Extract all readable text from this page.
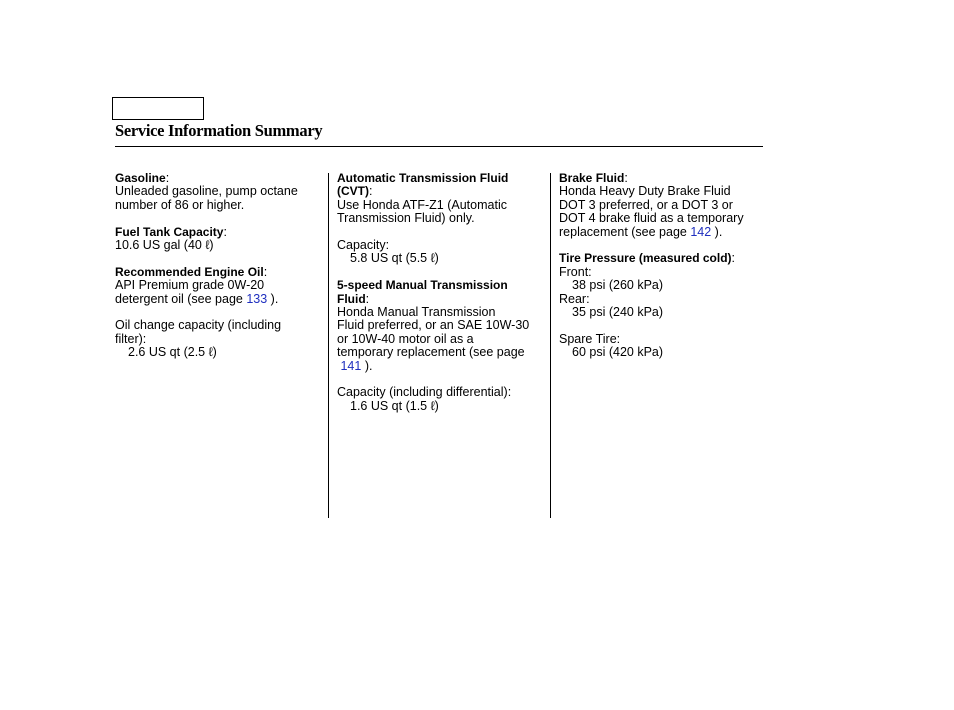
Service Information Summary
Gasoline:
Unleaded gasoline, pump octane
number of 86 or higher.
Fuel Tank Capacity:
10.6 US gal (40 ℓ)
Recommended Engine Oil:
API Premium grade 0W-20
detergent oil (see page 133 ).
Oil change capacity (including
filter):
2.6 US qt (2.5 ℓ)
Automatic Transmission Fluid
(CVT):
Use Honda ATF-Z1 (Automatic
Transmission Fluid) only.
Capacity:
5.8 US qt (5.5 ℓ)
5-speed Manual Transmission
Fluid:
Honda Manual Transmission
Fluid preferred, or an SAE 10W-30
or 10W-40 motor oil as a
temporary replacement (see page
141 ).
Capacity (including differential):
1.6 US qt (1.5 ℓ)
Brake Fluid:
Honda Heavy Duty Brake Fluid
DOT 3 preferred, or a DOT 3 or
DOT 4 brake fluid as a temporary
replacement (see page 142 ).
Tire Pressure (measured cold):
Front:
38 psi (260 kPa)
Rear:
35 psi (240 kPa)
Spare Tire:
60 psi (420 kPa)
